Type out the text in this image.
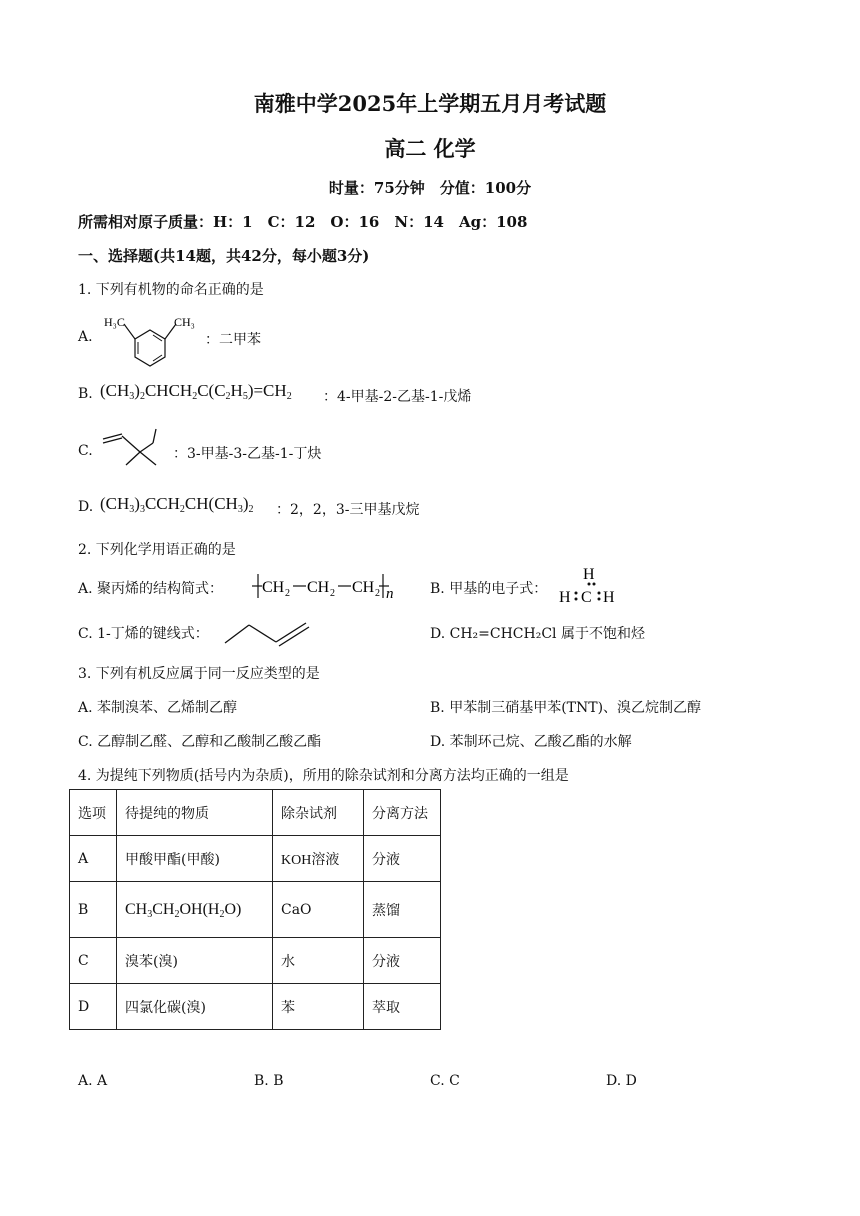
南雅中学2025年上学期五月月考试题
高二 化学
时量：75分钟　分值：100分
所需相对原子质量：H：1　C：12　O：16　N：14　Ag：108
一、选择题(共14题，共42分，每小题3分)
1. 下列有机物的命名正确的是
A.
H₃C	CH₃
：二甲苯
B. $(CH_3)_2CHCH_2C(C_2H_5)=CH_2$ ：4-甲基-2-乙基-1-戊烯
C.	：3-甲基-3-乙基-1-丁炔
D. $(CH_3)_3CCH_2CH(CH_3)_2$ ：2，2，3-三甲基戊烷
2. 下列化学用语正确的是
A. 聚丙烯的结构简式： CH 2 CH 2 CH 2 n	B. 甲基的电子式：
H
H C H
C. 1-丁烯的键线式：	D. CH₂=CHCH₂Cl 属于不饱和烃
3. 下列有机反应属于同一反应类型的是
A. 苯制溴苯、乙烯制乙醇	B. 甲苯制三硝基甲苯(TNT)、溴乙烷制乙醇
C. 乙醇制乙醛、乙醇和乙酸制乙酸乙酯	D. 苯制环己烷、乙酸乙酯的水解
4. 为提纯下列物质(括号内为杂质)，所用的除杂试剂和分离方法均正确的一组是
选项	待提纯的物质	除杂试剂	分离方法
A	甲酸甲酯(甲酸)	KOH溶液	分液
B	$CH_3CH_2OH(H_2O)$	CaO	蒸馏
C	溴苯(溴)	水	分液
D	四氯化碳(溴)	苯	萃取
A. A	B. B	C. C	D. D
